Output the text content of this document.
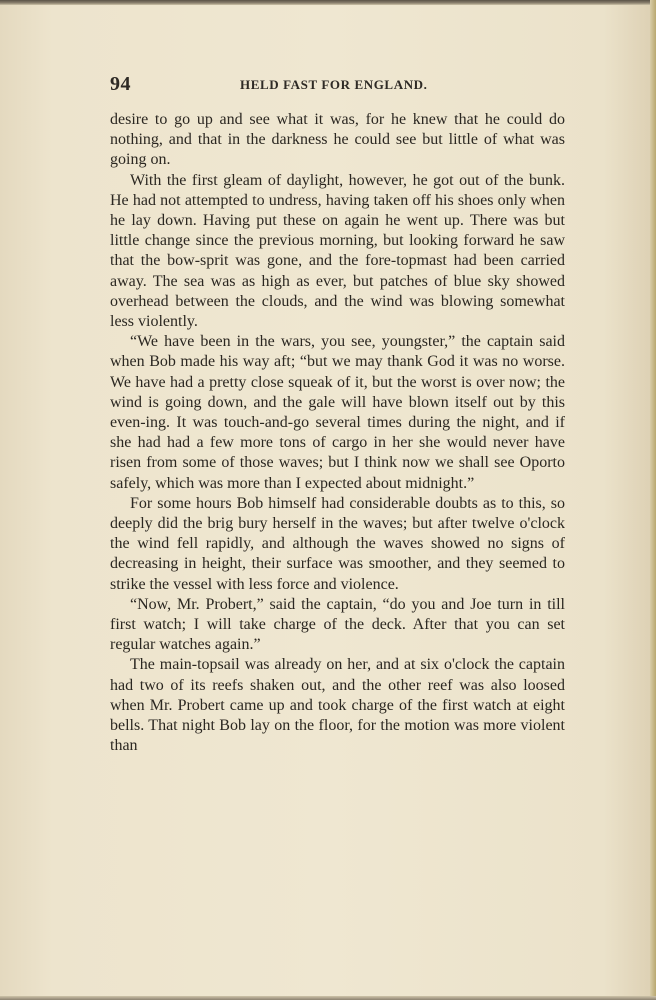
94	HELD FAST FOR ENGLAND.

desire to go up and see what it was, for he knew that he could do nothing, and that in the darkness he could see but little of what was going on.

With the first gleam of daylight, however, he got out of the bunk. He had not attempted to undress, having taken off his shoes only when he lay down. Having put these on again he went up. There was but little change since the previous morning, but looking forward he saw that the bow-sprit was gone, and the fore-topmast had been carried away. The sea was as high as ever, but patches of blue sky showed overhead between the clouds, and the wind was blowing somewhat less violently.

“We have been in the wars, you see, youngster,” the captain said when Bob made his way aft; “but we may thank God it was no worse. We have had a pretty close squeak of it, but the worst is over now; the wind is going down, and the gale will have blown itself out by this even-ing. It was touch-and-go several times during the night, and if she had had a few more tons of cargo in her she would never have risen from some of those waves; but I think now we shall see Oporto safely, which was more than I expected about midnight.”

For some hours Bob himself had considerable doubts as to this, so deeply did the brig bury herself in the waves; but after twelve o'clock the wind fell rapidly, and although the waves showed no signs of decreasing in height, their surface was smoother, and they seemed to strike the vessel with less force and violence.

“Now, Mr. Probert,” said the captain, “do you and Joe turn in till first watch; I will take charge of the deck. After that you can set regular watches again.”

The main-topsail was already on her, and at six o'clock the captain had two of its reefs shaken out, and the other reef was also loosed when Mr. Probert came up and took charge of the first watch at eight bells. That night Bob lay on the floor, for the motion was more violent than
